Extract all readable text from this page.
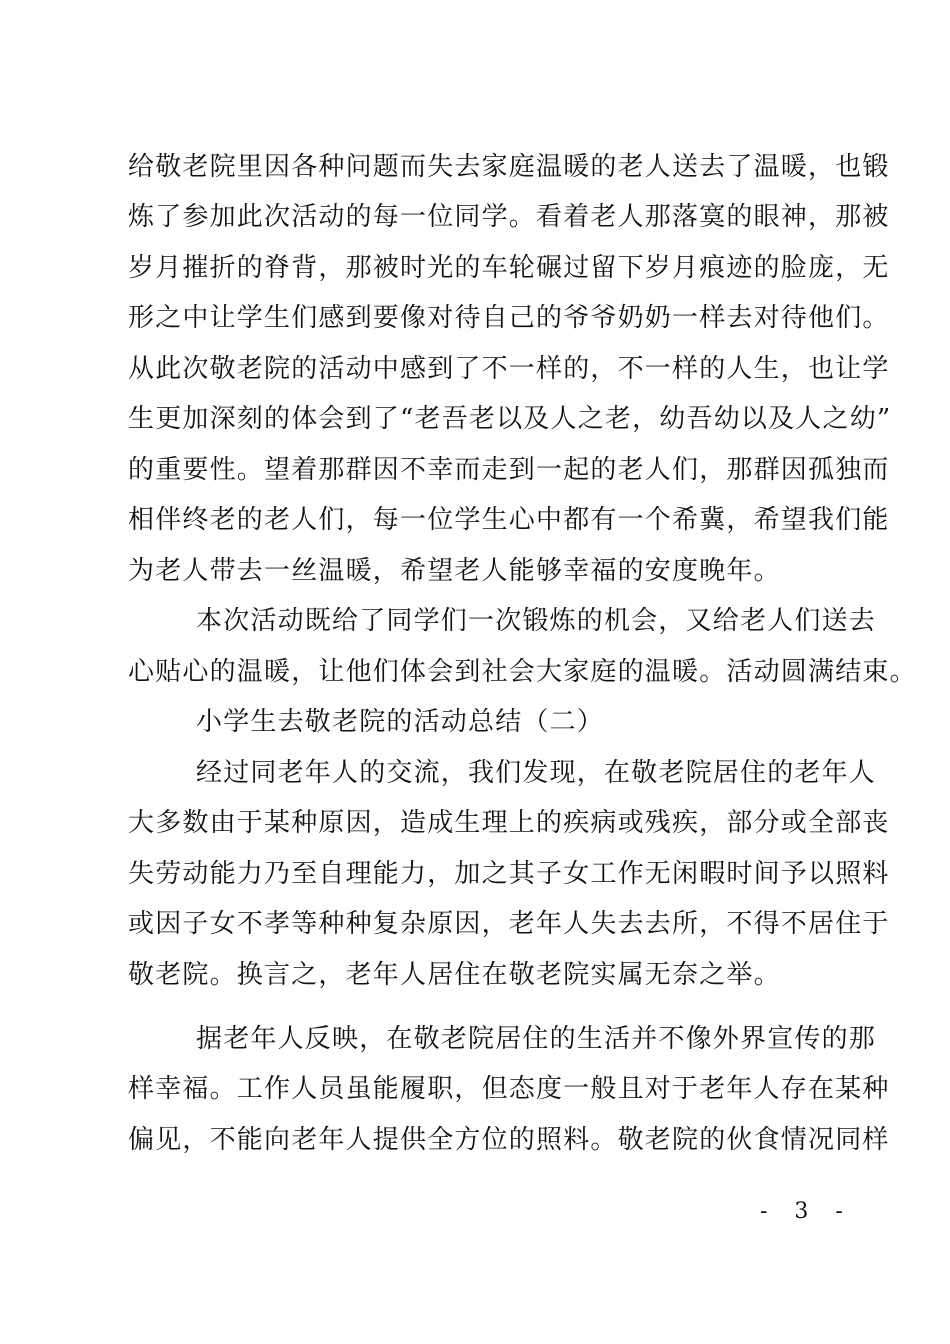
给敬老院里因各种问题而失去家庭温暖的老人送去了温暖，也锻
炼了参加此次活动的每一位同学。看着老人那落寞的眼神，那被
岁月摧折的脊背，那被时光的车轮碾过留下岁月痕迹的脸庞，无
形之中让学生们感到要像对待自己的爷爷奶奶一样去对待他们。
从此次敬老院的活动中感到了不一样的，不一样的人生，也让学
生更加深刻的体会到了“老吾老以及人之老，幼吾幼以及人之幼”
的重要性。望着那群因不幸而走到一起的老人们，那群因孤独而
相伴终老的老人们，每一位学生心中都有一个希冀，希望我们能
为老人带去一丝温暖，希望老人能够幸福的安度晚年。
本次活动既给了同学们一次锻炼的机会，又给老人们送去
心贴心的温暖，让他们体会到社会大家庭的温暖。活动圆满结束。
小学生去敬老院的活动总结（二）
经过同老年人的交流，我们发现，在敬老院居住的老年人
大多数由于某种原因，造成生理上的疾病或残疾，部分或全部丧
失劳动能力乃至自理能力，加之其子女工作无闲暇时间予以照料
或因子女不孝等种种复杂原因，老年人失去去所，不得不居住于
敬老院。换言之，老年人居住在敬老院实属无奈之举。
据老年人反映，在敬老院居住的生活并不像外界宣传的那
样幸福。工作人员虽能履职，但态度一般且对于老年人存在某种
偏见，不能向老年人提供全方位的照料。敬老院的伙食情况同样
- 3 -
